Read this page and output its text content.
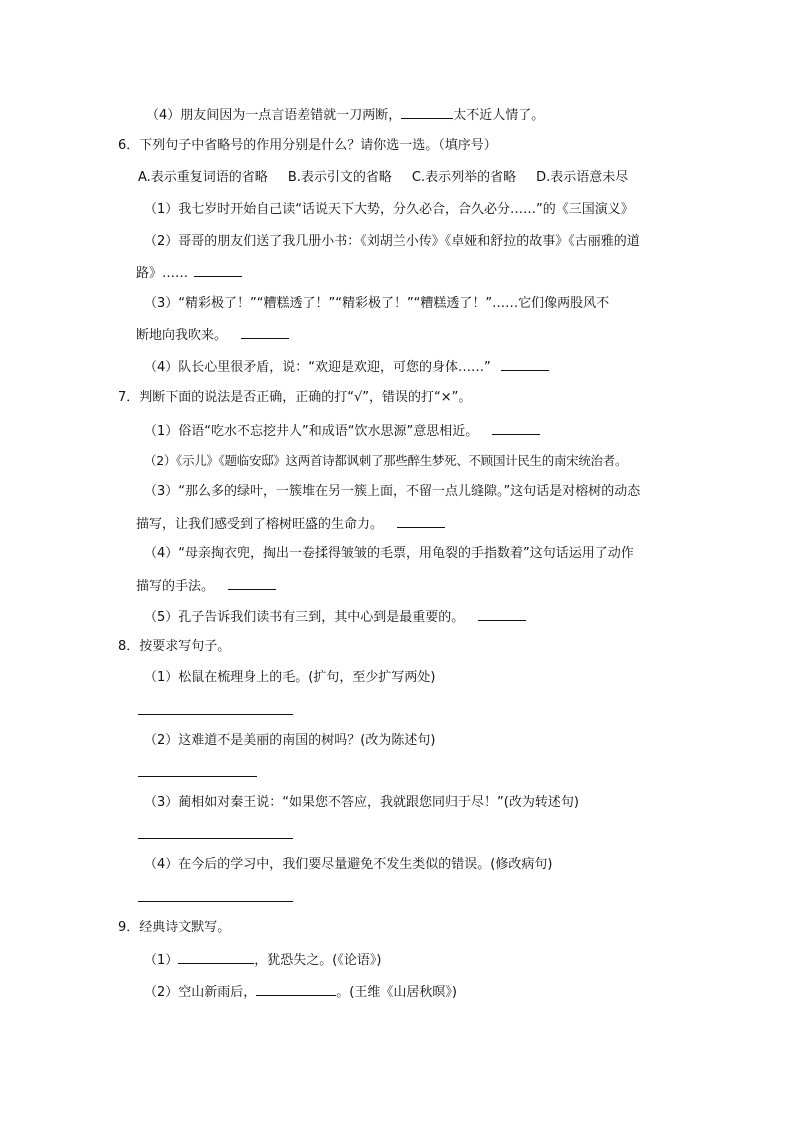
（4）朋友间因为一点言语差错就一刀两断，	太不近人情了。
6．下列句子中省略号的作用分别是什么？请你选一选。（填序号）
A.表示重复词语的省略 B.表示引文的省略 C.表示列举的省略 D.表示语意未尽
（1）我七岁时开始自己读“话说天下大势，分久必合，合久必分……”的《三国演义》
（2）哥哥的朋友们送了我几册小书：《刘胡兰小传》《卓娅和舒拉的故事》《古丽雅的道
路》……
（3）“精彩极了！”“糟糕透了！”“精彩极了！”“糟糕透了！”……它们像两股风不
断地向我吹来。
（4）队长心里很矛盾，说：“欢迎是欢迎，可您的身体……”
7．判断下面的说法是否正确，正确的打“√”，错误的打“×”。
（1）俗语“吃水不忘挖井人”和成语“饮水思源”意思相近。
（2）《示儿》《题临安邸》这两首诗都讽刺了那些醉生梦死、不顾国计民生的南宋统治者。
（3）“那么多的绿叶，一簇堆在另一簇上面，不留一点儿缝隙。”这句话是对榕树的动态
描写，让我们感受到了榕树旺盛的生命力。
（4）“母亲掏衣兜，掏出一卷揉得皱皱的毛票，用龟裂的手指数着”这句话运用了动作
描写的手法。
（5）孔子告诉我们读书有三到，其中心到是最重要的。
8．按要求写句子。
（1）松鼠在梳理身上的毛。(扩句，至少扩写两处)
（2）这难道不是美丽的南国的树吗？(改为陈述句)
（3）蔺相如对秦王说：“如果您不答应，我就跟您同归于尽！”(改为转述句)
（4）在今后的学习中，我们要尽量避免不发生类似的错误。(修改病句)
9．经典诗文默写。
（1）	，犹恐失之。(《论语》)
（2）空山新雨后，	。(王维《山居秋暝》)
